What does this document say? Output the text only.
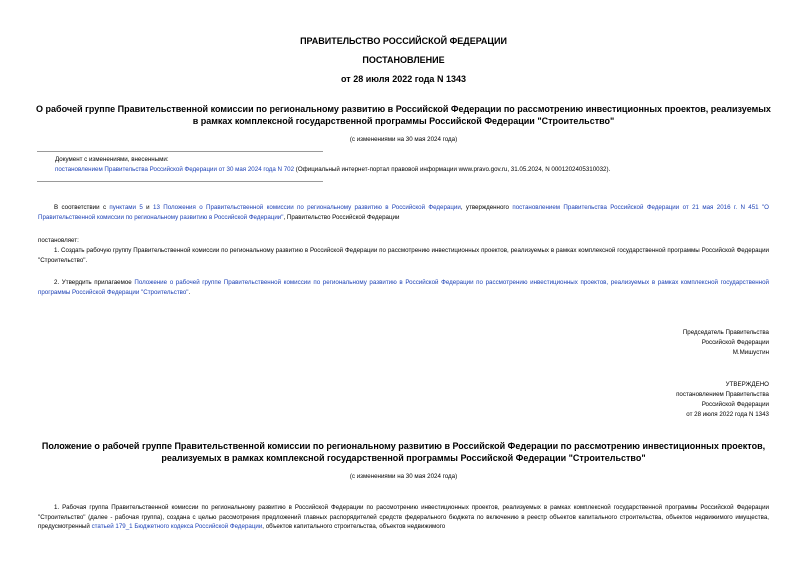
ПРАВИТЕЛЬСТВО РОССИЙСКОЙ ФЕДЕРАЦИИ
ПОСТАНОВЛЕНИЕ
от 28 июля 2022 года N 1343
О рабочей группе Правительственной комиссии по региональному развитию в Российской Федерации по рассмотрению инвестиционных проектов, реализуемых
в рамках комплексной государственной программы Российской Федерации "Строительство"
(с изменениями на 30 мая 2024 года)
Документ с изменениями, внесенными:
постановлением Правительства Российской Федерации от 30 мая 2024 года N 702 (Официальный интернет-портал правовой информации www.pravo.gov.ru, 31.05.2024, N 0001202405310032).
В соответствии с пунктами 5 и 13 Положения о Правительственной комиссии по региональному развитию в Российской Федерации, утвержденного постановлением Правительства Российской Федерации от 21 мая 2016 г. N 451 "О Правительственной комиссии по региональному развитию в Российской Федерации", Правительство Российской Федерации
постановляет:
1. Создать рабочую группу Правительственной комиссии по региональному развитию в Российской Федерации по рассмотрению инвестиционных проектов, реализуемых в рамках комплексной государственной программы Российской Федерации "Строительство".
2. Утвердить прилагаемое Положение о рабочей группе Правительственной комиссии по региональному развитию в Российской Федерации по рассмотрению инвестиционных проектов, реализуемых в рамках комплексной государственной программы Российской Федерации "Строительство".
Председатель Правительства
Российской Федерации
М.Мишустин
УТВЕРЖДЕНО
постановлением Правительства
Российской Федерации
от 28 июля 2022 года N 1343
Положение о рабочей группе Правительственной комиссии по региональному развитию в Российской Федерации по рассмотрению инвестиционных проектов,
реализуемых в рамках комплексной государственной программы Российской Федерации "Строительство"
(с изменениями на 30 мая 2024 года)
1. Рабочая группа Правительственной комиссии по региональному развитию в Российской Федерации по рассмотрению инвестиционных проектов, реализуемых в рамках комплексной государственной программы Российской Федерации "Строительство" (далее - рабочая группа), создана с целью рассмотрения предложений главных распорядителей средств федерального бюджета по включению в реестр объектов капитального строительства, объектов недвижимого имущества, предусмотренный статьей 179_1 Бюджетного кодекса Российской Федерации, объектов капитального строительства, объектов недвижимого
